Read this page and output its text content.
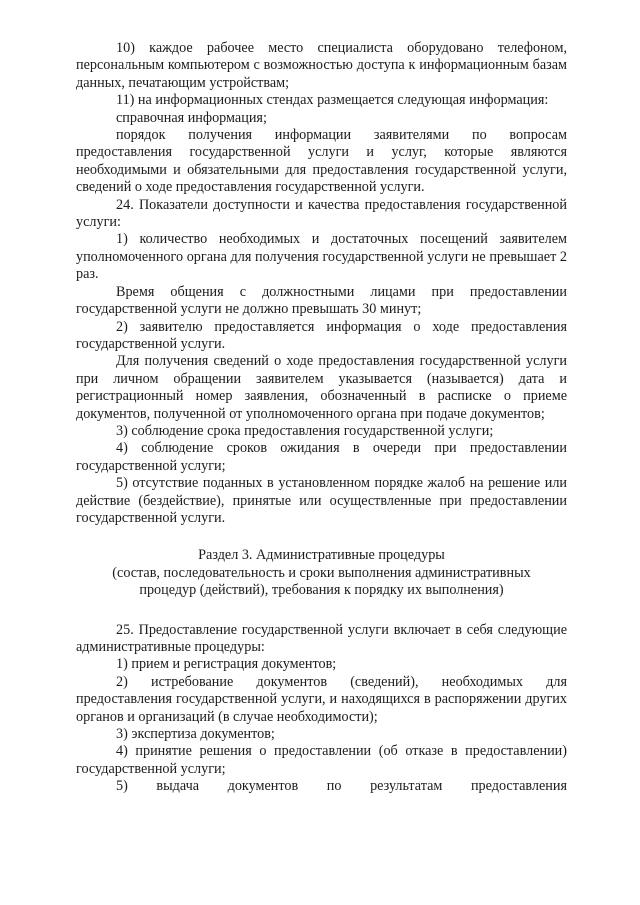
10) каждое рабочее место специалиста оборудовано телефоном, персональным компьютером с возможностью доступа к информационным базам данных, печатающим устройствам;

11) на информационных стендах размещается следующая информация:

справочная информация;

порядок получения информации заявителями по вопросам предоставления государственной услуги и услуг, которые являются необходимыми и обязательными для предоставления государственной услуги, сведений о ходе предоставления государственной услуги.

24. Показатели доступности и качества предоставления государственной услуги:

1) количество необходимых и достаточных посещений заявителем уполномоченного органа для получения государственной услуги не превышает 2 раз.

Время общения с должностными лицами при предоставлении государственной услуги не должно превышать 30 минут;

2) заявителю предоставляется информация о ходе предоставления государственной услуги.

Для получения сведений о ходе предоставления государственной услуги при личном обращении заявителем указывается (называется) дата и регистрационный номер заявления, обозначенный в расписке о приеме документов, полученной от уполномоченного органа при подаче документов;

3) соблюдение срока предоставления государственной услуги;

4) соблюдение сроков ожидания в очереди при предоставлении государственной услуги;

5) отсутствие поданных в установленном порядке жалоб на решение или действие (бездействие), принятые или осуществленные при предоставлении государственной услуги.

Раздел 3. Административные процедуры

(состав, последовательность и сроки выполнения административных

процедур (действий), требования к порядку их выполнения)

25. Предоставление государственной услуги включает в себя следующие административные процедуры:

1) прием и регистрация документов;

2) истребование документов (сведений), необходимых для предоставления государственной услуги, и находящихся в распоряжении других органов и организаций (в случае необходимости);

3) экспертиза документов;

4) принятие решения о предоставлении (об отказе в предоставлении) государственной услуги;

5) выдача документов по результатам предоставления
